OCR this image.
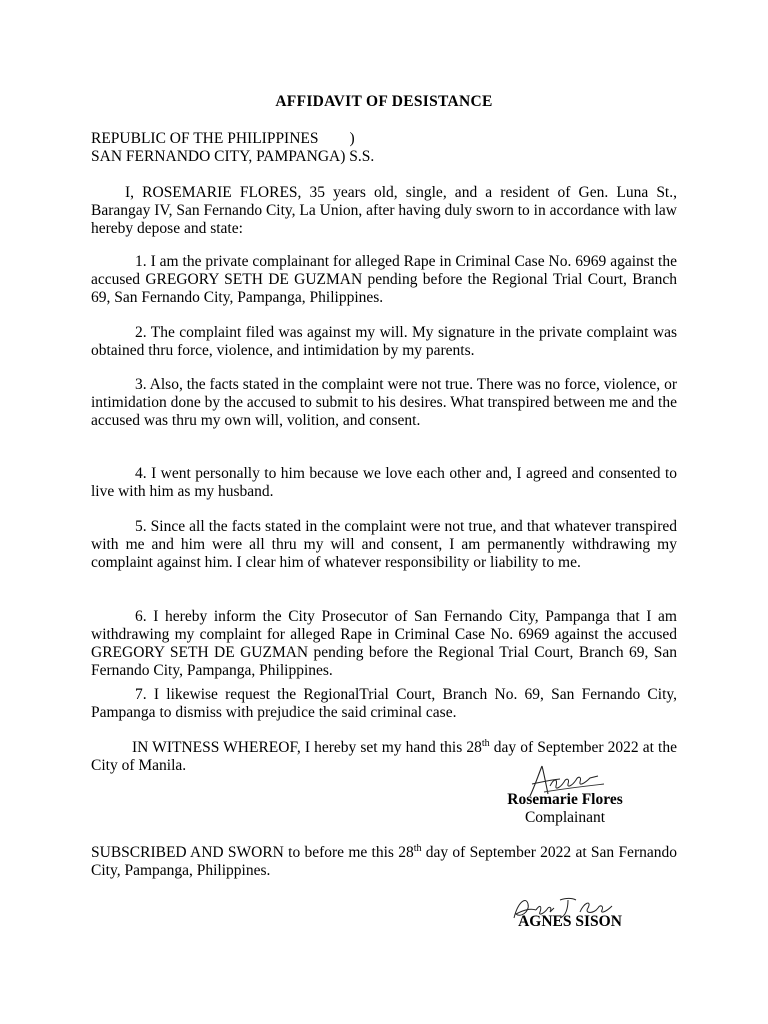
AFFIDAVIT OF DESISTANCE
REPUBLIC OF THE PHILIPPINES        )
SAN FERNANDO CITY, PAMPANGA) S.S.

I, ROSEMARIE FLORES, 35 years old, single, and a resident of Gen. Luna St., Barangay IV, San Fernando City, La Union, after having duly sworn to in accordance with law hereby depose and state:

1. I am the private complainant for alleged Rape in Criminal Case No. 6969 against the accused GREGORY SETH DE GUZMAN pending before the Regional Trial Court, Branch 69, San Fernando City, Pampanga, Philippines.

2. The complaint filed was against my will. My signature in the private complaint was obtained thru force, violence, and intimidation by my parents.

3. Also, the facts stated in the complaint were not true. There was no force, violence, or intimidation done by the accused to submit to his desires. What transpired between me and the accused was thru my own will, volition, and consent.

4. I went personally to him because we love each other and, I agreed and consented to live with him as my husband.

5. Since all the facts stated in the complaint were not true, and that whatever transpired with me and him were all thru my will and consent, I am permanently withdrawing my complaint against him. I clear him of whatever responsibility or liability to me.

6. I hereby inform the City Prosecutor of San Fernando City, Pampanga that I am withdrawing my complaint for alleged Rape in Criminal Case No. 6969 against the accused GREGORY SETH DE GUZMAN pending before the Regional Trial Court, Branch 69, San Fernando City, Pampanga, Philippines.

7. I likewise request the RegionalTrial Court, Branch No. 69, San Fernando City, Pampanga to dismiss with prejudice the said criminal case.

IN WITNESS WHEREOF, I hereby set my hand this 28th day of September 2022 at the City of Manila.

Rosemarie Flores
Complainant

SUBSCRIBED AND SWORN to before me this 28th day of September 2022 at San Fernando City, Pampanga, Philippines.

AGNES SISON
